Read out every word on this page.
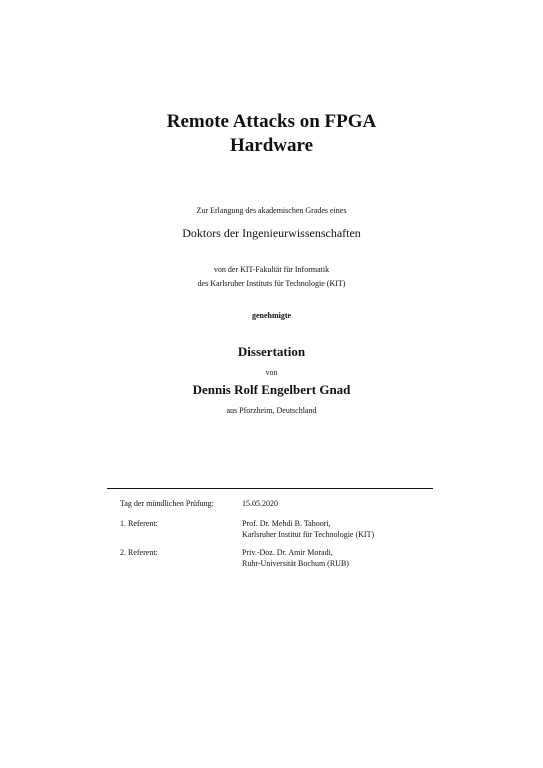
Remote Attacks on FPGA
Hardware
Zur Erlangung des akademischen Grades eines
Doktors der Ingenieurwissenschaften
von der KIT-Fakultät für Informatik
des Karlsruher Instituts für Technologie (KIT)
genehmigte
Dissertation
von
Dennis Rolf Engelbert Gnad
aus Pforzheim, Deutschland
Tag der mündlichen Prüfung:	15.05.2020
1. Referent:	Prof. Dr. Mehdi B. Tahoori,
Karlsruher Institut für Technologie (KIT)
2. Referent:	Priv.-Doz. Dr. Amir Moradi,
Ruhr-Universität Bochum (RUB)
